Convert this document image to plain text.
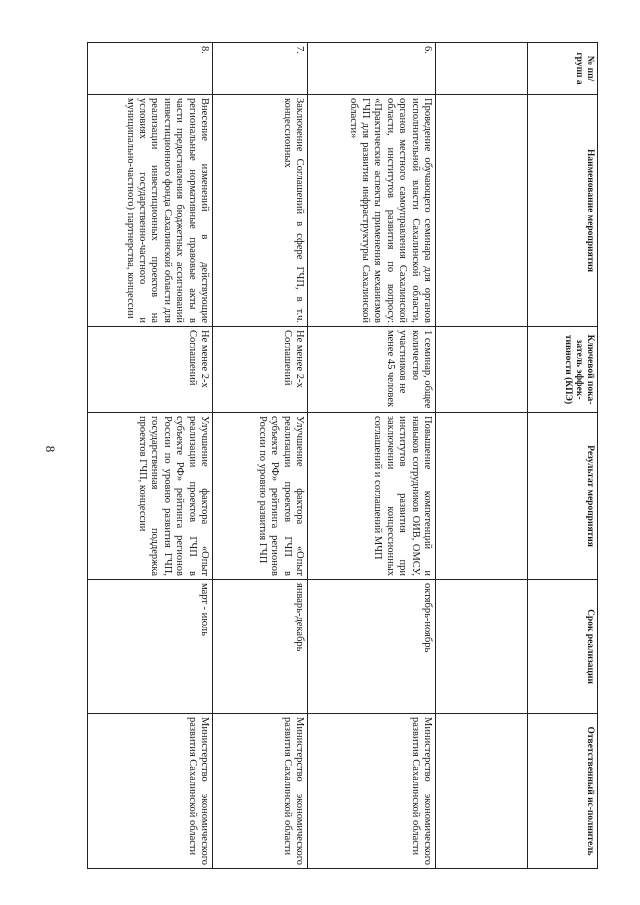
8
№ пп/ групп а	Наименование мероприятия	Ключевой пока-затель эффек-тивности (КПЭ)	Результат мероприятия	Срок реализации	Ответственный ис-полнитель

6.	Проведение обучающего семинара для органов исполнительной власти Сахалинской области, органов местного самоуправления Сахалинской области, институтов развития по вопросу: «Практические аспекты применения механизмов ГЧП для развития инфраструктуры Сахалинской области»	1 семинар, общее количество участников не менее 45 человек	Повышение компетенций и навыков сотрудников ОИВ, ОМСУ, институтов развития при заключении концессионных соглашений и соглашений МЧП	октябрь-ноябрь	Министерство экономического развития Сахалинской области
7.	Заключение Соглашений в сфере ГЧП, в т.ч. концессионных	Не менее 2-х Соглашений	Улучшение фактора «Опыт реализации проектов ГЧП в субъекте РФ» рейтинга регионов России по уровню развития ГЧП	январь-декабрь	Министерство экономического развития Сахалинской области
8.	Внесение изменений в действующие региональные нормативные правовые акты в части предоставления бюджетных ассигнований инвестиционного фонда Сахалинской области для реализации инвестиционных проектов на условиях государственно-частного и муниципально-частного) партнерства, концессии	Не менее 2-х Соглашений	Улучшение фактора «Опыт реализации проектов ГЧП в субъекте РФ» рейтинга регионов России по уровню развития ГЧП, государственная поддержка проектов ГЧП, концессии	март - июль	Министерство экономического развития Сахалинской области
